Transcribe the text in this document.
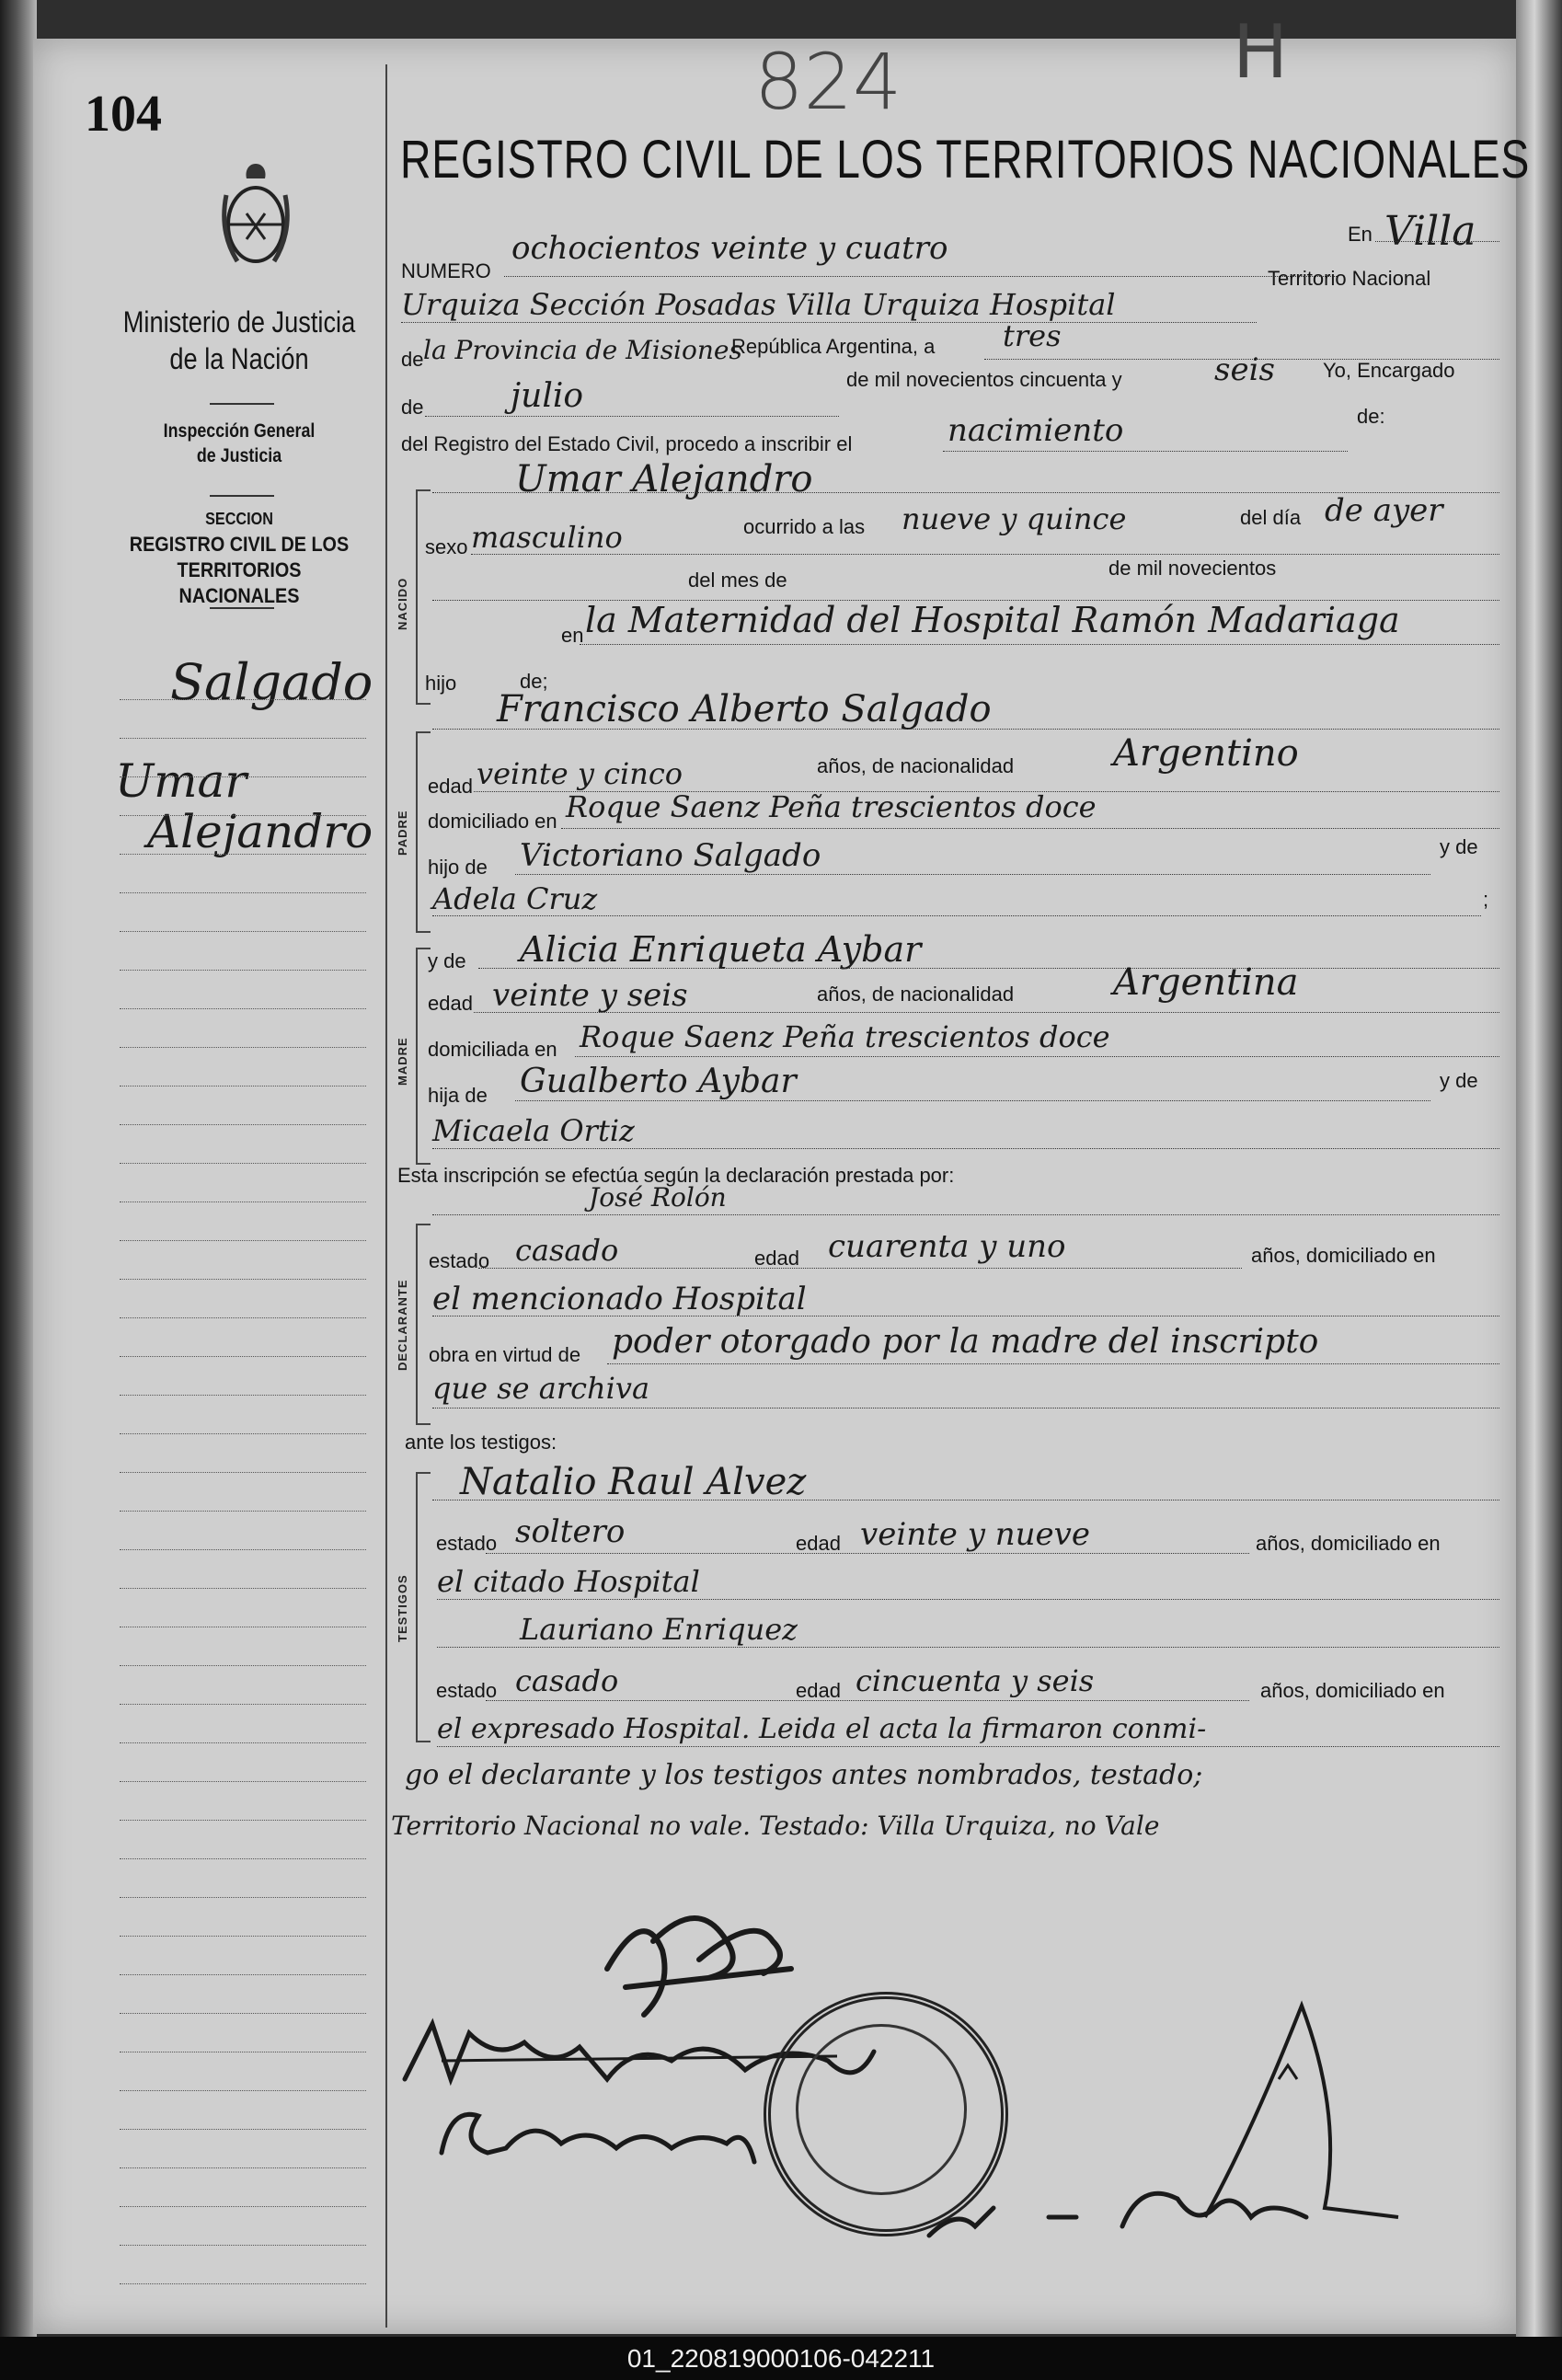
104	824	H
Ministerio de Justicia
de la Nación
Inspección General
de Justicia
SECCION
REGISTRO CIVIL DE LOS
TERRITORIOS NACIONALES
Salgado
Umar
Alejandro
REGISTRO CIVIL DE LOS TERRITORIOS NACIONALES
NUMERO
ochocientos veinte y cuatro	En Villa
Urquiza Sección Posadas Villa Urquiza Hospital
Territorio Nacional
de la Provincia de Misiones
República Argentina, a tres
de	julio	de mil novecientos cincuenta y	seis Yo, Encargado
del Registro del Estado Civil, procedo a inscribir el	nacimiento	de:
NACIDO
Umar Alejandro
sexo masculino	ocurrido a las nueve y quince	del día de ayer
del mes de
de mil novecientos
en la Maternidad del Hospital Ramón Madariaga
hijo	de;
PADRE
Francisco Alberto Salgado
edad veinte y cinco	años, de nacionalidad	Argentino
domiciliado en Roque Saenz Peña trescientos doce
hijo de Victoriano Salgado	y de
Adela Cruz	;
MADRE
y de Alicia Enriqueta Aybar
edad veinte y seis	años, de nacionalidad	Argentina
domiciliada en Roque Saenz Peña trescientos doce
hija de Gualberto Aybar	y de
Micaela Ortiz
Esta inscripción se efectúa según la declaración prestada por:
José Rolón
DECLARANTE
estado casado	edad cuarenta y uno	años, domiciliado en
el mencionado Hospital
obra en virtud de poder otorgado por la madre del inscripto
que se archiva
ante los testigos:
TESTIGOS
Natalio Raul Alvez
estado soltero	edad veinte y nueve	años, domiciliado en
el citado Hospital
Lauriano Enriquez
estado casado	edad cincuenta y seis	años, domiciliado en
el expresado Hospital. Leida el acta la firmaron conmi-
go el declarante y los testigos antes nombrados, testado;
Territorio Nacional no vale. Testado: Villa Urquiza, no Vale
01_220819000106-042211
